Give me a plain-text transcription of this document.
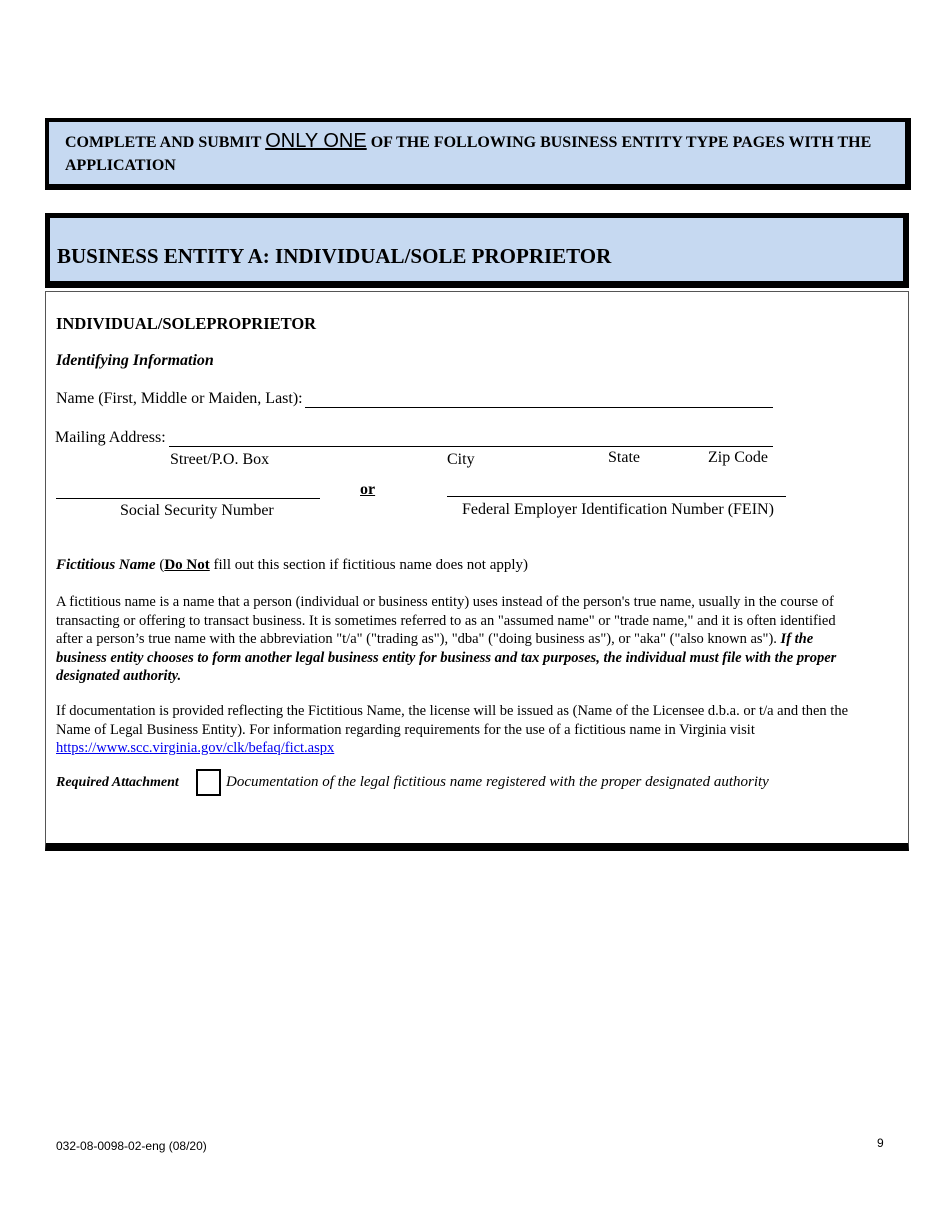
COMPLETE AND SUBMIT ONLY ONE OF THE FOLLOWING BUSINESS ENTITY TYPE PAGES WITH THE APPLICATION
BUSINESS ENTITY A: INDIVIDUAL/SOLE PROPRIETOR
INDIVIDUAL/SOLEPROPRIETOR
Identifying Information
Name (First, Middle or Maiden, Last):
Mailing Address:
Street/P.O. Box	City	State	Zip Code
or
Social Security Number	Federal Employer Identification Number (FEIN)
Fictitious Name (Do Not fill out this section if fictitious name does not apply)
A fictitious name is a name that a person (individual or business entity) uses instead of the person's true name, usually in the course of transacting or offering to transact business. It is sometimes referred to as an "assumed name" or "trade name," and it is often identified after a person’s true name with the abbreviation "t/a" ("trading as"), "dba" ("doing business as"), or "aka" ("also known as"). If the business entity chooses to form another legal business entity for business and tax purposes, the individual must file with the proper designated authority.
If documentation is provided reflecting the Fictitious Name, the license will be issued as (Name of the Licensee d.b.a. or t/a and then the Name of Legal Business Entity). For information regarding requirements for the use of a fictitious name in Virginia visit
https://www.scc.virginia.gov/clk/befaq/fict.aspx
Required Attachment	Documentation of the legal fictitious name registered with the proper designated authority
032-08-0098-02-eng (08/20)	9
